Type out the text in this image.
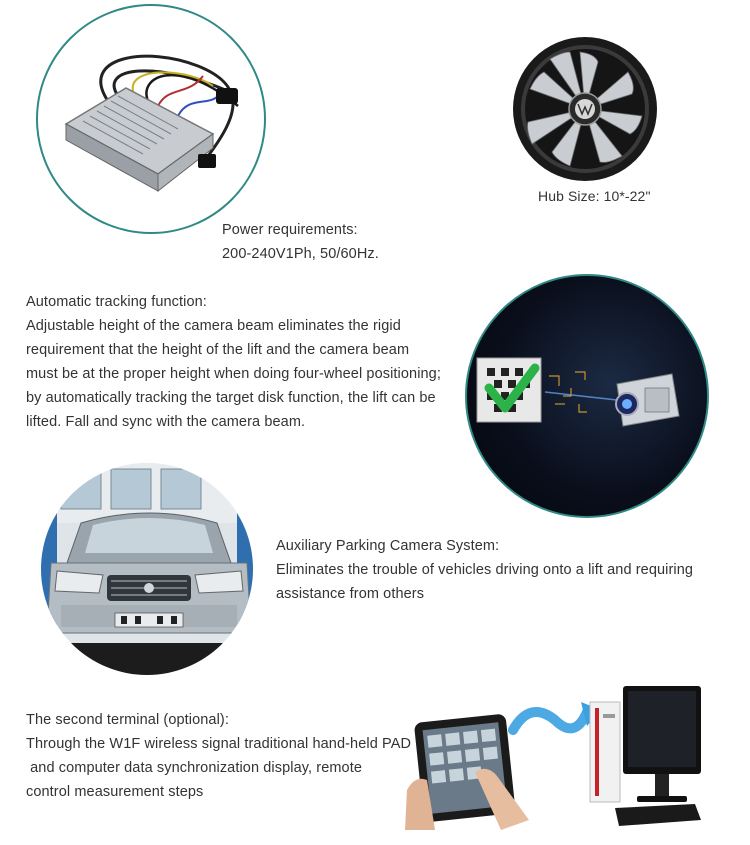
Power requirements:
200-240V1Ph, 50/60Hz.
Hub Size: 10*-22"
Automatic tracking function:
Adjustable height of the camera beam eliminates the rigid
requirement that the height of the lift and the camera beam
must be at the proper height when doing four-wheel positioning;
by automatically tracking the target disk function, the lift can be
lifted. Fall and sync with the camera beam.
Auxiliary Parking Camera System:
Eliminates the trouble of vehicles driving onto a lift and requiring
assistance from others
The second terminal (optional):
Through the W1F wireless signal traditional hand-held PAD
and computer data synchronization display, remote
control measurement steps
